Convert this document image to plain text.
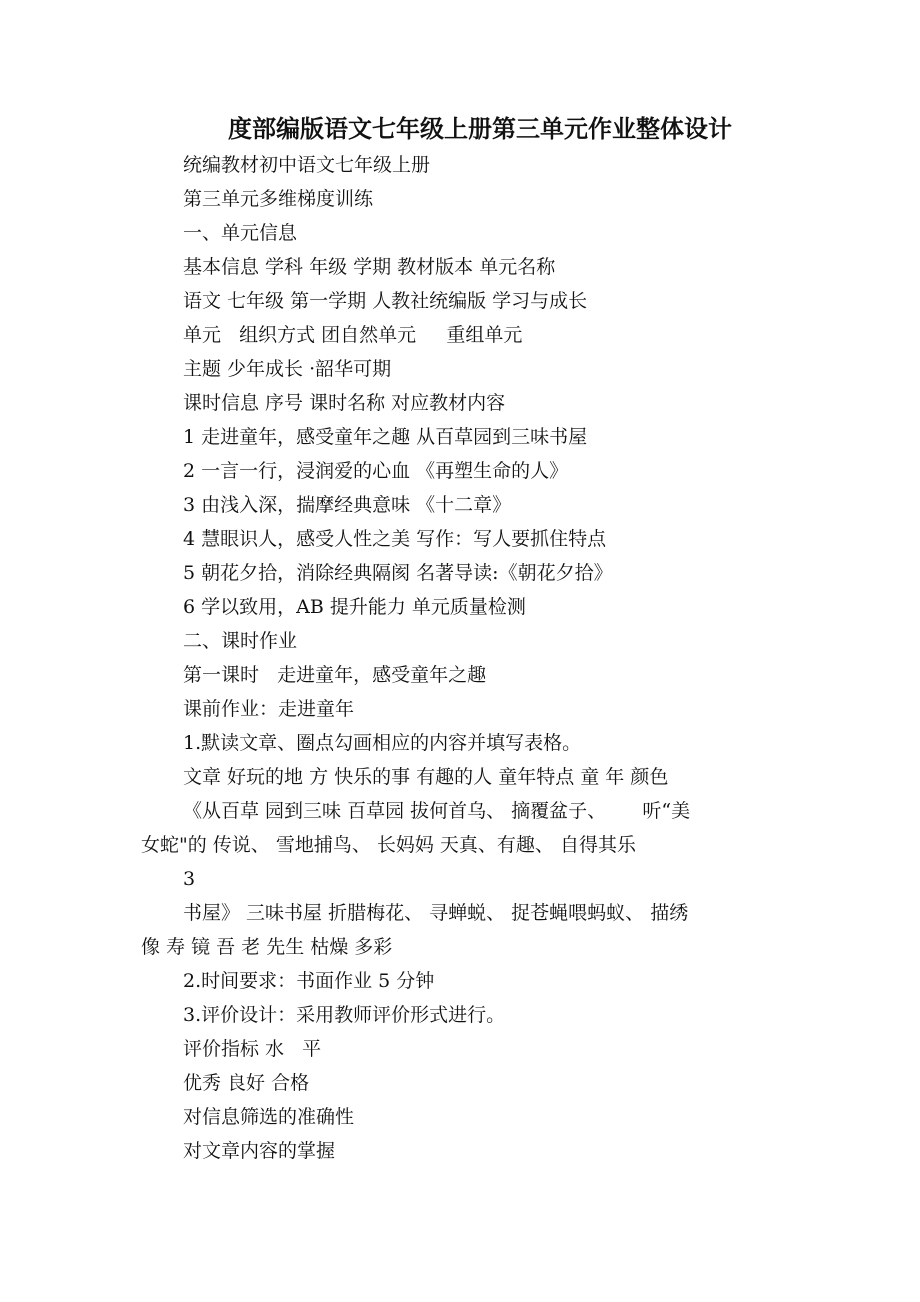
度部编版语文七年级上册第三单元作业整体设计
统编教材初中语文七年级上册
第三单元多维梯度训练
一、单元信息
基本信息 学科 年级 学期 教材版本 单元名称
语文 七年级 第一学期 人教社统编版 学习与成长
单元   组织方式 团自然单元     重组单元
主题 少年成长 ·韶华可期
课时信息 序号 课时名称 对应教材内容
1 走进童年，感受童年之趣 从百草园到三味书屋
2 一言一行，浸润爱的心血 《再塑生命的人》
3 由浅入深，揣摩经典意味 《十二章》
4 慧眼识人，感受人性之美 写作：写人要抓住特点
5 朝花夕拾，消除经典隔阂 名著导读:《朝花夕拾》
6 学以致用，AB 提升能力 单元质量检测
二、课时作业
第一课时   走进童年，感受童年之趣
课前作业：走进童年
1.默读文章、圈点勾画相应的内容并填写表格。
文章 好玩的地 方 快乐的事 有趣的人 童年特点 童 年 颜色
《从百草 园到三味 百草园 拔何首乌、 摘覆盆子、      听“美
女蛇"的 传说、 雪地捕鸟、 长妈妈 天真、有趣、 自得其乐
3
书屋》 三味书屋 折腊梅花、 寻蝉蜕、 捉苍蝇喂蚂蚁、 描绣
像 寿 镜 吾 老 先生 枯燥 多彩
2.时间要求：书面作业 5 分钟
3.评价设计：采用教师评价形式进行。
评价指标 水   平
优秀 良好 合格
对信息筛选的准确性
对文章内容的掌握
